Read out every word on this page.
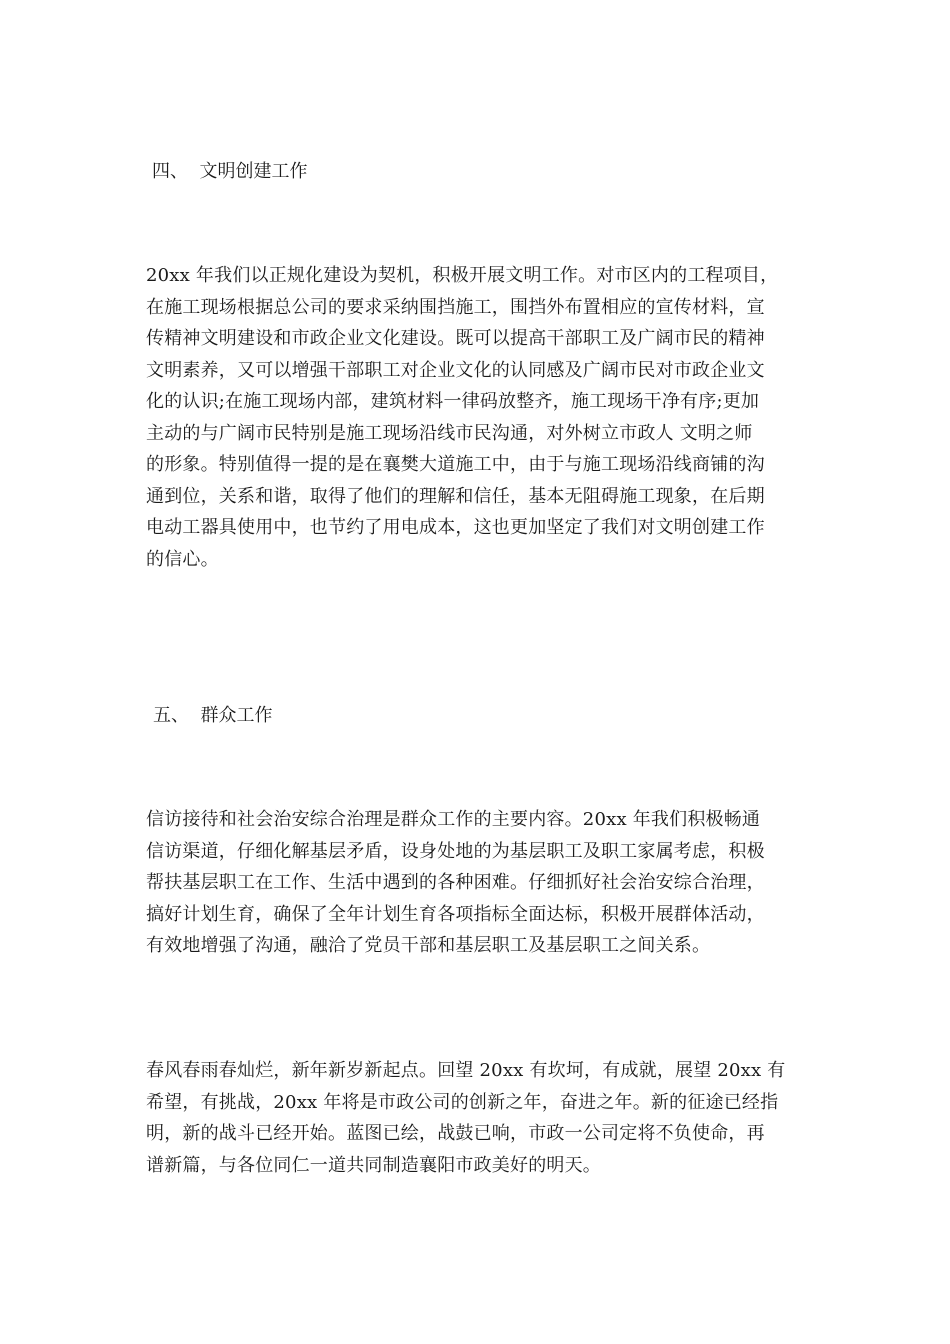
四、  文明创建工作
20xx 年我们以正规化建设为契机，积极开展文明工作。对市区内的工程项目，
在施工现场根据总公司的要求采纳围挡施工，围挡外布置相应的宣传材料，宣
传精神文明建设和市政企业文化建设。既可以提高干部职工及广阔市民的精神
文明素养，又可以增强干部职工对企业文化的认同感及广阔市民对市政企业文
化的认识;在施工现场内部，建筑材料一律码放整齐，施工现场干净有序;更加
主动的与广阔市民特别是施工现场沿线市民沟通，对外树立市政人 文明之师
的形象。特别值得一提的是在襄樊大道施工中，由于与施工现场沿线商铺的沟
通到位，关系和谐，取得了他们的理解和信任，基本无阻碍施工现象，在后期
电动工器具使用中，也节约了用电成本，这也更加坚定了我们对文明创建工作
的信心。
五、  群众工作
信访接待和社会治安综合治理是群众工作的主要内容。20xx 年我们积极畅通
信访渠道，仔细化解基层矛盾，设身处地的为基层职工及职工家属考虑，积极
帮扶基层职工在工作、生活中遇到的各种困难。仔细抓好社会治安综合治理，
搞好计划生育，确保了全年计划生育各项指标全面达标，积极开展群体活动，
有效地增强了沟通，融洽了党员干部和基层职工及基层职工之间关系。
春风春雨春灿烂，新年新岁新起点。回望 20xx 有坎坷，有成就，展望 20xx 有
希望，有挑战，20xx 年将是市政公司的创新之年，奋进之年。新的征途已经指
明，新的战斗已经开始。蓝图已绘，战鼓已响，市政一公司定将不负使命，再
谱新篇，与各位同仁一道共同制造襄阳市政美好的明天。
